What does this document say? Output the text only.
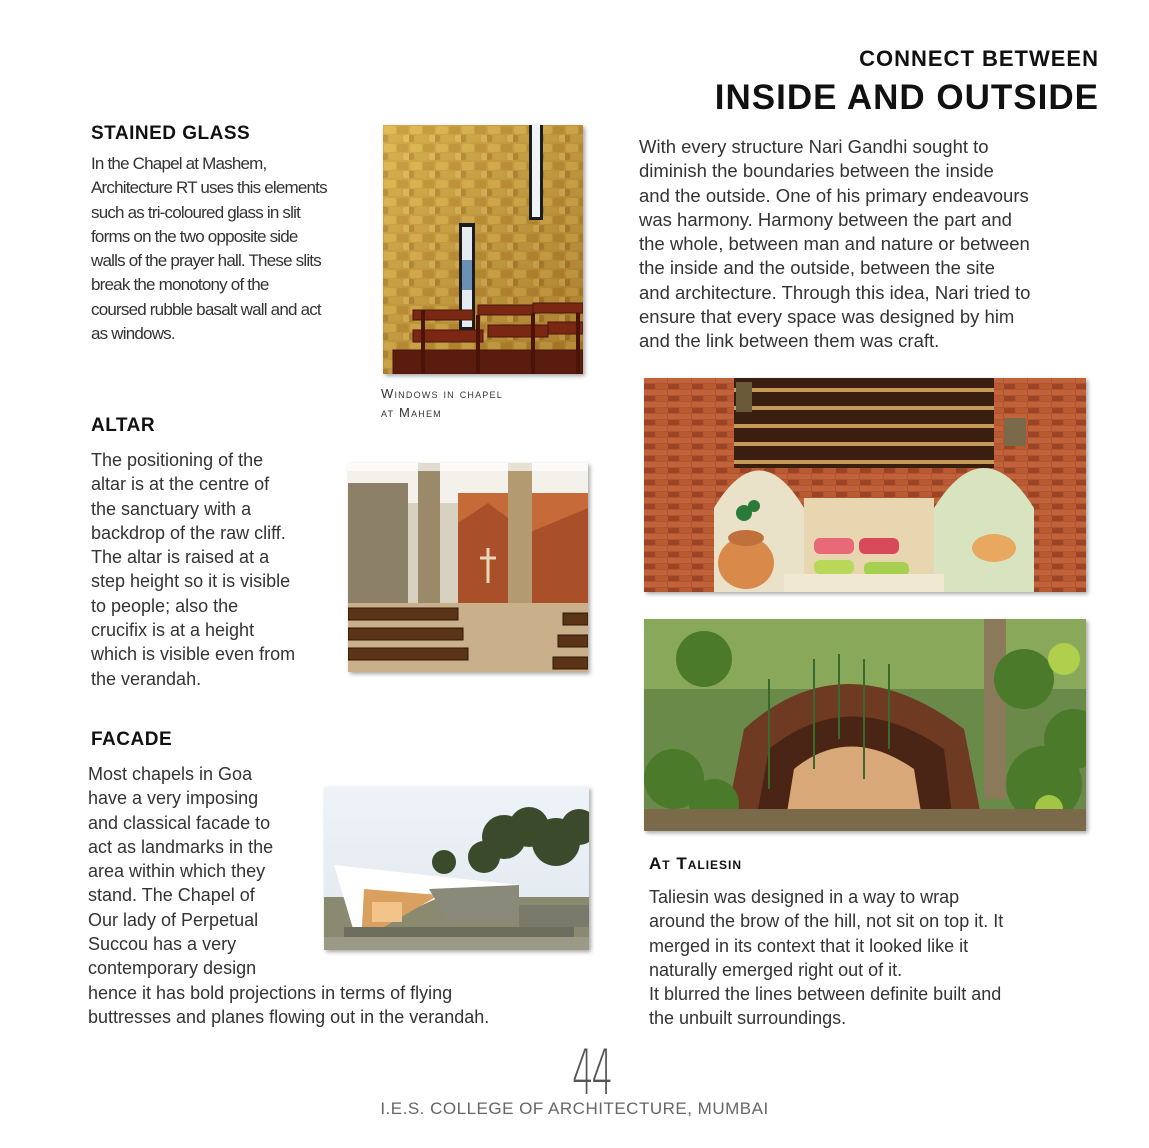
CONNECT BETWEEN
INSIDE AND OUTSIDE
STAINED GLASS
In the Chapel at Mashem,
Architecture RT uses this elements
such as tri-coloured glass in slit
forms on the two opposite side
walls of the prayer hall. These slits
break the monotony of the
coursed rubble basalt wall and act
as windows.
Windows in chapel
at Mahem
ALTAR
The positioning of the
altar is at the centre of
the sanctuary with a
backdrop of the raw cliff.
The altar is raised at a
step height so it is visible
to people; also the
crucifix is at a height
which is visible even from
the verandah.
FACADE
Most chapels in Goa
have a very imposing
and classical facade to
act as landmarks in the
area within which they
stand. The Chapel of
Our lady of Perpetual
Succou has a very
contemporary design
hence it has bold projections in terms of flying
buttresses and planes flowing out in the verandah.
With every structure Nari Gandhi sought to
diminish the boundaries between the inside
and the outside. One of his primary endeavours
was harmony. Harmony between the part and
the whole, between man and nature or between
the inside and the outside, between the site
and architecture. Through this idea, Nari tried to
ensure that every space was designed by him
and the link between them was craft.
At Taliesin
Taliesin was designed in a way to wrap
around the brow of the hill, not sit on top it. It
merged in its context that it looked like it
naturally emerged right out of it.
It blurred the lines between definite built and
the unbuilt surroundings.
44
I.E.S. COLLEGE OF ARCHITECTURE, MUMBAI
